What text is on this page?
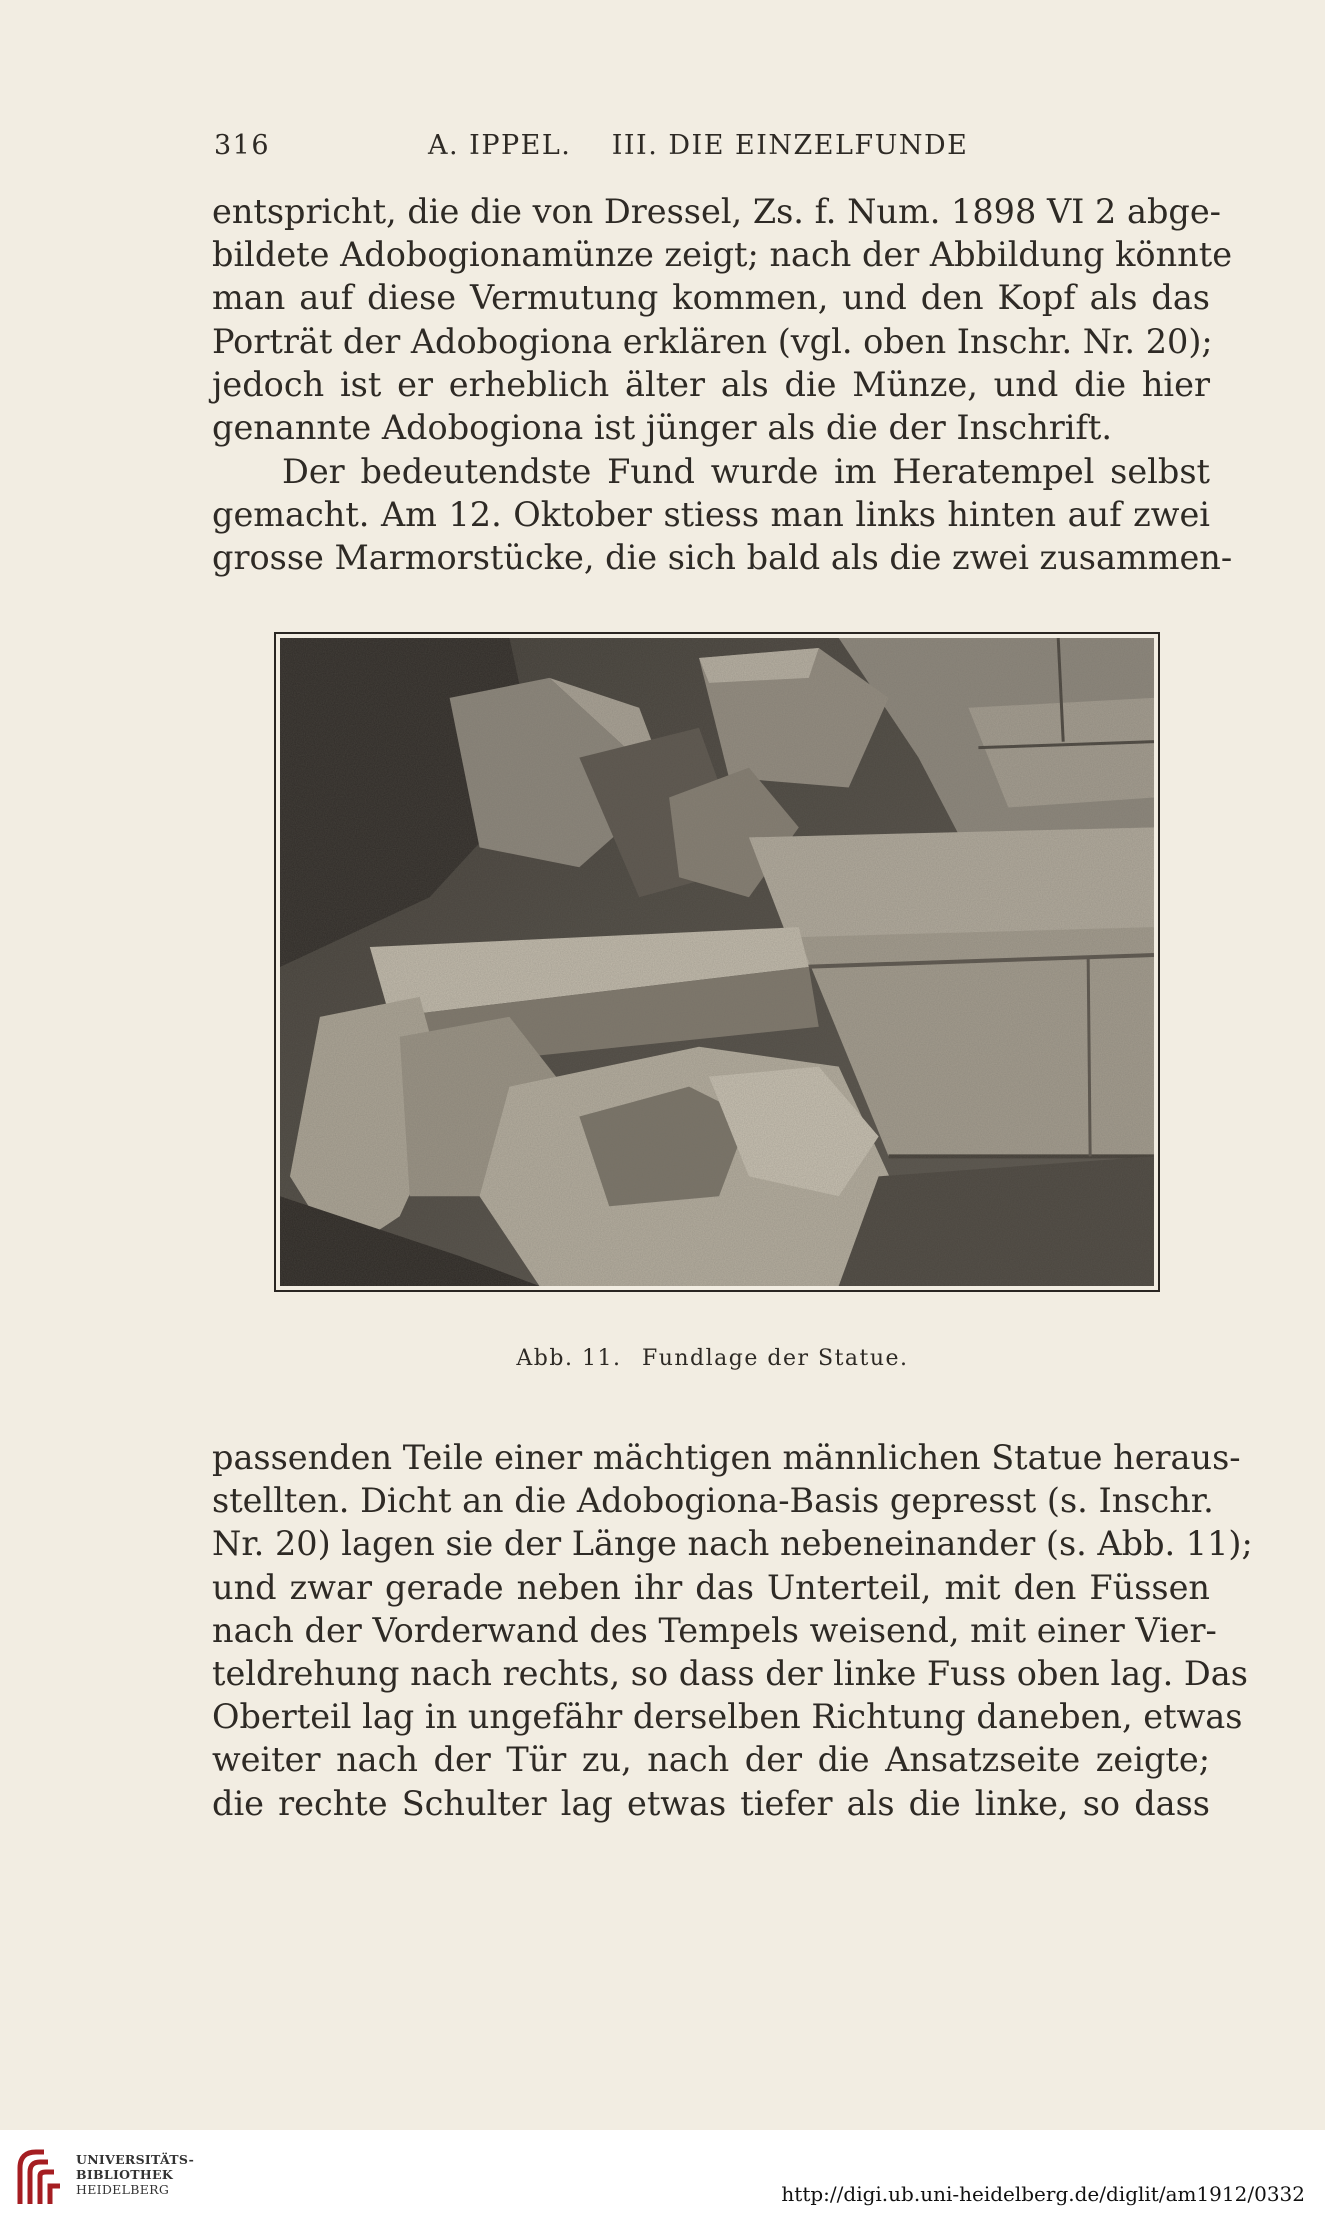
316	A. IPPEL.    III. DIE EINZELFUNDE
entspricht, die die von Dressel, Zs. f. Num. 1898 VI 2 abge-
bildete Adobogionamünze zeigt; nach der Abbildung könnte
man auf diese Vermutung kommen, und den Kopf als das
Porträt der Adobogiona erklären (vgl. oben Inschr. Nr. 20);
jedoch ist er erheblich älter als die Münze, und die hier
genannte Adobogiona ist jünger als die der Inschrift.
Der bedeutendste Fund wurde im Heratempel selbst
gemacht. Am 12. Oktober stiess man links hinten auf zwei
grosse Marmorstücke, die sich bald als die zwei zusammen-
Abb. 11. Fundlage der Statue.
passenden Teile einer mächtigen männlichen Statue heraus-
stellten. Dicht an die Adobogiona-Basis gepresst (s. Inschr.
Nr. 20) lagen sie der Länge nach nebeneinander (s. Abb. 11);
und zwar gerade neben ihr das Unterteil, mit den Füssen
nach der Vorderwand des Tempels weisend, mit einer Vier-
teldrehung nach rechts, so dass der linke Fuss oben lag. Das
Oberteil lag in ungefähr derselben Richtung daneben, etwas
weiter nach der Tür zu, nach der die Ansatzseite zeigte;
die rechte Schulter lag etwas tiefer als die linke, so dass
UNIVERSITÄTS-
BIBLIOTHEK
HEIDELBERG	http://digi.ub.uni-heidelberg.de/diglit/am1912/0332
